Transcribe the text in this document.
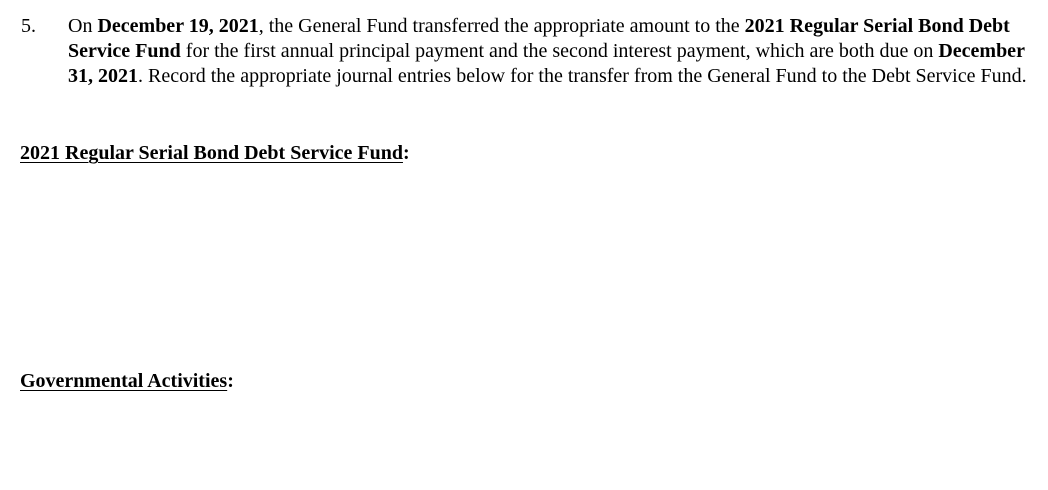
5. On December 19, 2021, the General Fund transferred the appropriate amount to the 2021 Regular Serial Bond Debt Service Fund for the first annual principal payment and the second interest payment, which are both due on December 31, 2021. Record the appropriate journal entries below for the transfer from the General Fund to the Debt Service Fund.
2021 Regular Serial Bond Debt Service Fund:
Governmental Activities:
